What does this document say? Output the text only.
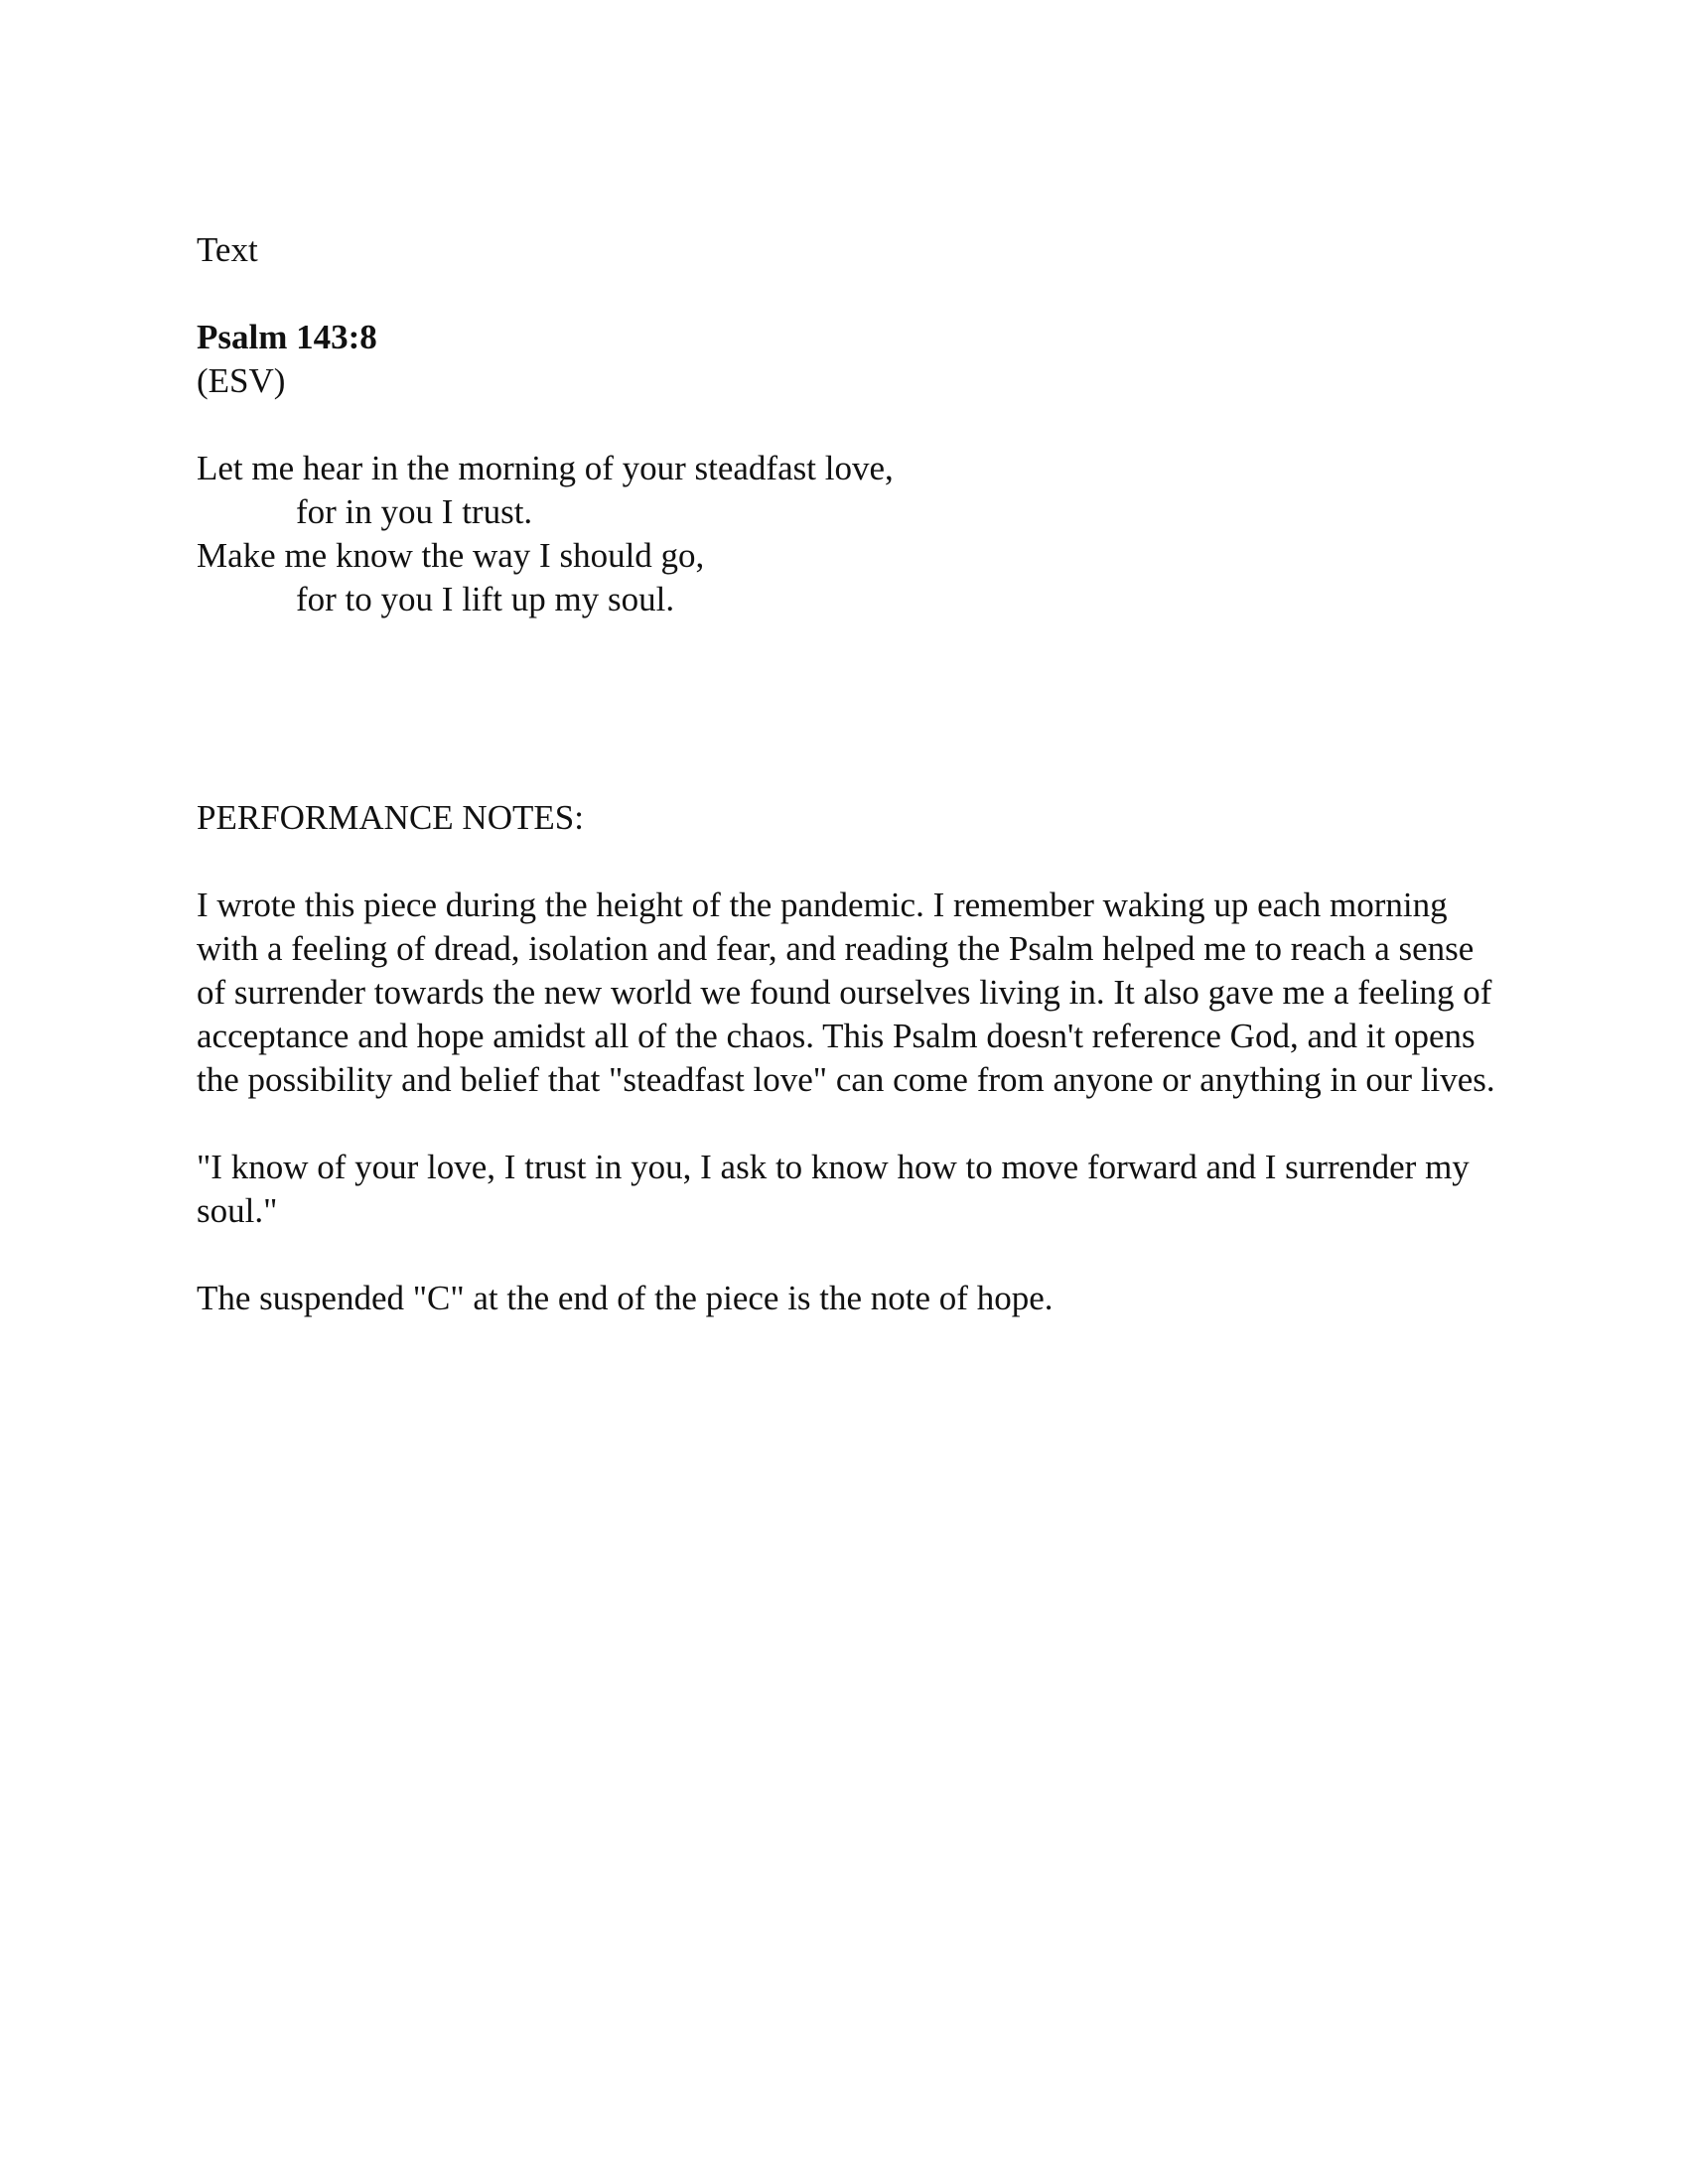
Text

Psalm 143:8
(ESV)
Let me hear in the morning of your steadfast love,
for in you I trust.
Make me know the way I should go,
for to you I lift up my soul.

PERFORMANCE NOTES:

I wrote this piece during the height of the pandemic. I remember waking up each morning with a feeling of dread, isolation and fear, and reading the Psalm helped me to reach a sense of surrender towards the new world we found ourselves living in. It also gave me a feeling of acceptance and hope amidst all of the chaos. This Psalm doesn't reference God, and it opens the possibility and belief that "steadfast love" can come from anyone or anything in our lives.

"I know of your love, I trust in you, I ask to know how to move forward and I surrender my soul."

The suspended "C" at the end of the piece is the note of hope.
